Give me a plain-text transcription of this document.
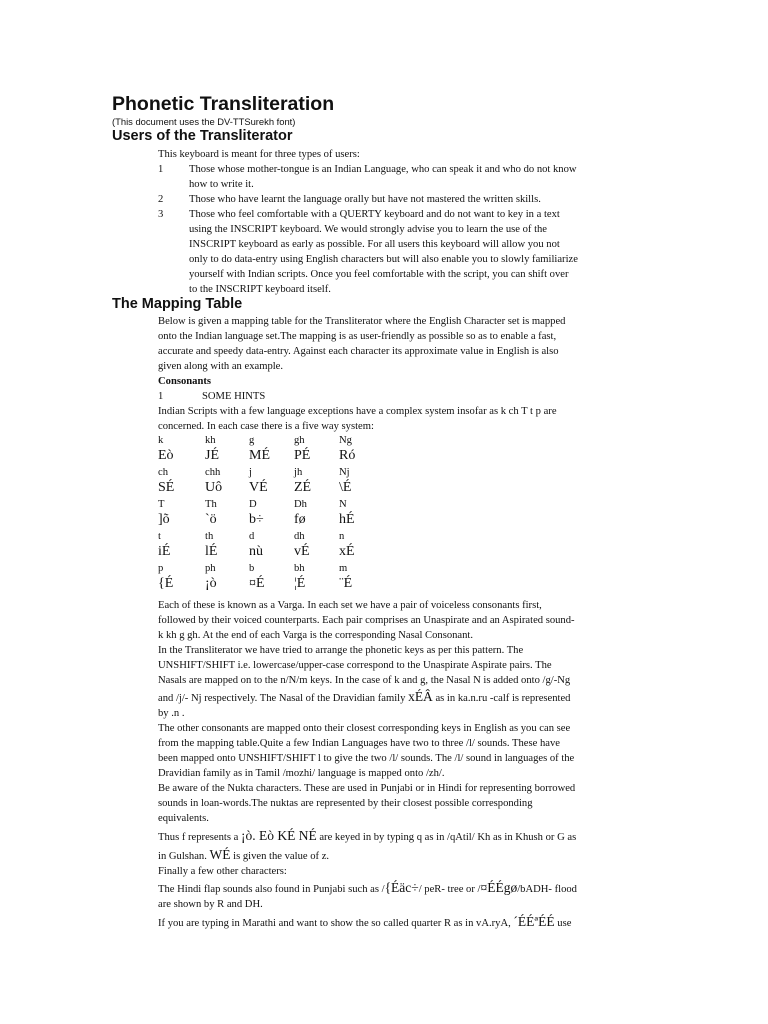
Phonetic Transliteration
(This document uses the DV-TTSurekh font)
Users of the Transliterator
This keyboard is meant for three types of users:
1 Those whose mother-tongue is an Indian Language, who can speak it and who do not know
how to write it.
2 Those who have learnt the language orally but have not mastered the written skills.
3 Those who feel comfortable with a QUERTY keyboard and do not want to key in a text
using the INSCRIPT keyboard. We would strongly advise you to learn the use of the
INSCRIPT keyboard as early as possible. For all users this keyboard will allow you not
only to do data-entry using English characters but will also enable you to slowly familiarize
yourself with Indian scripts. Once you feel comfortable with the script, you can shift over
to the INSCRIPT keyboard itself.
The Mapping Table
Below is given a mapping table for the Transliterator where the English Character set is mapped
onto the Indian language set.The mapping is as user-friendly as possible so as to enable a fast,
accurate and speedy data-entry. Against each character its approximate value in English is also
given along with an example.
Consonants
1	SOME HINTS
Indian Scripts with a few language exceptions have a complex system insofar as k ch T t p are
concerned. In each case there is a five way system:
k	kh	g	gh	Ng
Eò JÉ MÉ PÉ Ró
ch	chh	j	jh	Nj
SÉ Uô VÉ ZÉ \É
T	Th	D	Dh	N
]õ	`ö b÷ fø hÉ
t	th	d	dh	n
iÉ lÉ nù vÉ xÉ
p	ph	b	bh	m
{É ¡ò ¤É ¦É ¨É
Each of these is known as a Varga. In each set we have a pair of voiceless consonants first,
followed by their voiced counterparts. Each pair comprises an Unaspirate and an Aspirated sound-
k kh g gh. At the end of each Varga is the corresponding Nasal Consonant.
In the Transliterator we have tried to arrange the phonetic keys as per this pattern. The
UNSHIFT/SHIFT i.e. lowercase/upper-case correspond to the Unaspirate Aspirate pairs. The
Nasals are mapped on to the n/N/m keys. In the case of k and g, the Nasal N is added onto /g/-Ng
and /j/- Nj respectively. The Nasal of the Dravidian family xÉÂ as in ka.n.ru -calf is represented
by .n .
The other consonants are mapped onto their closest corresponding keys in English as you can see
from the mapping table.Quite a few Indian Languages have two to three /l/ sounds. These have
been mapped onto UNSHIFT/SHIFT l to give the two /l/ sounds. The /l/ sound in languages of the
Dravidian family as in Tamil /mozhi/ language is mapped onto /zh/.
Be aware of the Nukta characters. These are used in Punjabi or in Hindi for representing borrowed
sounds in loan-words.The nuktas are represented by their closest possible corresponding
equivalents.
Thus f represents a ¡ò. Eò KÉ NÉ are keyed in by typing q as in /qAtil/ Kh as in Khush or G as
in Gulshan. WÉ is given the value of z.
Finally a few other characters:
The Hindi flap sounds also found in Punjabi such as /{Éäc÷/ peR- tree or /¤ÉÉgø/bADH- flood
are shown by R and DH.
If you are typing in Marathi and want to show the so called quarter R as in vA.ryA, ´ÉÉªÉÉ use
